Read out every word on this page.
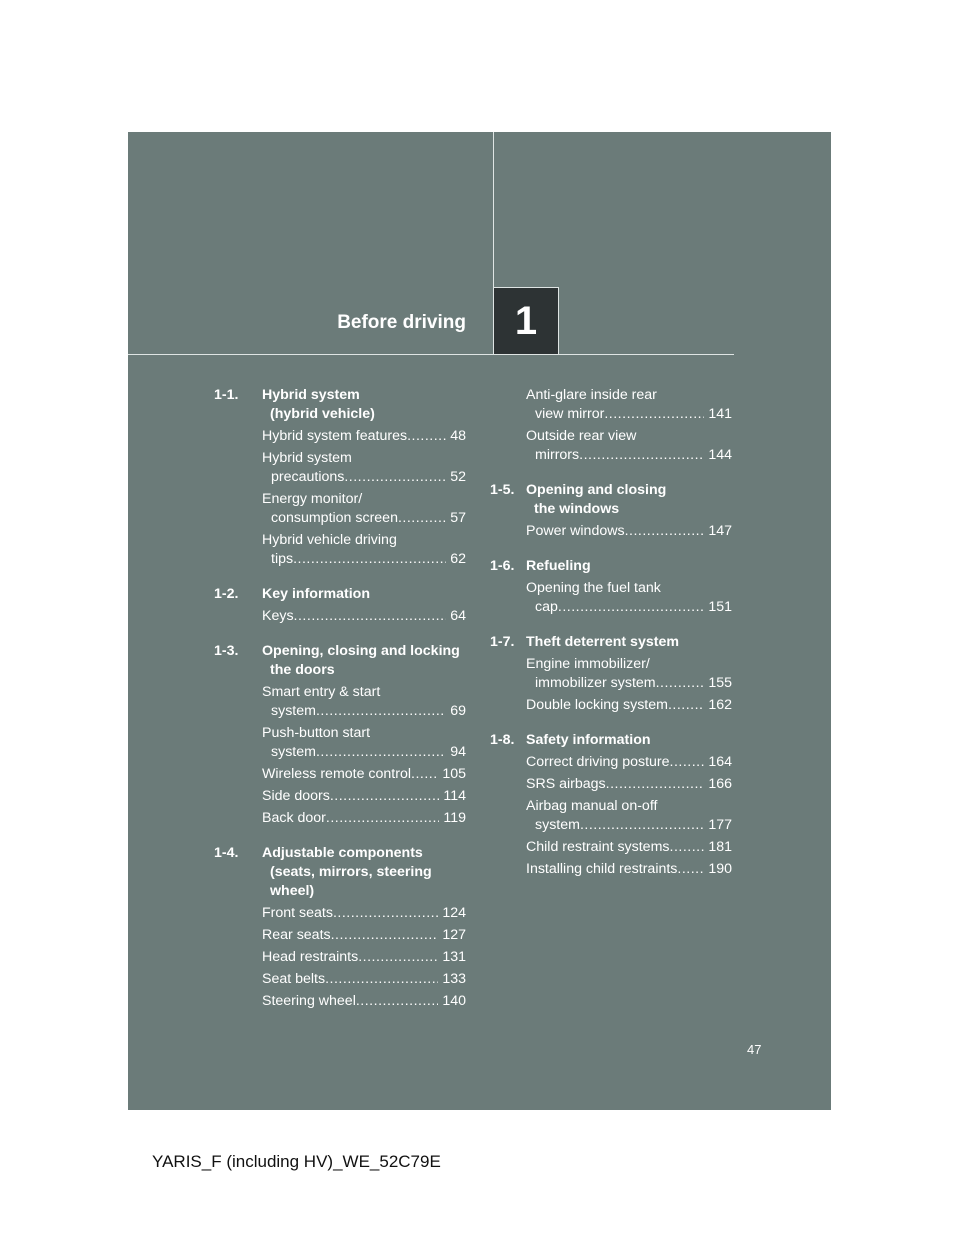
Before driving 1
1-1.	Hybrid system
(hybrid vehicle)
Hybrid system features .....	48
Hybrid system
precautions .....	52
Energy monitor/
consumption screen .....	57
Hybrid vehicle driving
tips .....	62
1-2.	Key information
Keys .....	64
1-3.	Opening, closing and locking
the doors
Smart entry & start
system .....	69
Push-button start
system .....	94
Wireless remote control ..... 105
Side doors .....	114
Back door .....	119
1-4.	Adjustable components
(seats, mirrors, steering
wheel)
Front seats .....	124
Rear seats .....	127
Head restraints .....	131
Seat belts .....	133
Steering wheel .....	140
Anti-glare inside rear
view mirror .....	141
Outside rear view
mirrors .....	144
1-5. Opening and closing
the windows
Power windows .....	147
1-6. Refueling
Opening the fuel tank
cap .....	151
1-7. Theft deterrent system
Engine immobilizer/
immobilizer system .....	155
Double locking system .....	162
1-8. Safety information
Correct driving posture .....	164
SRS airbags .....	166
Airbag manual on-off
system .....	177
Child restraint systems .....	181
Installing child restraints ..... 190
47
YARIS_F (including HV)_WE_52C79E
